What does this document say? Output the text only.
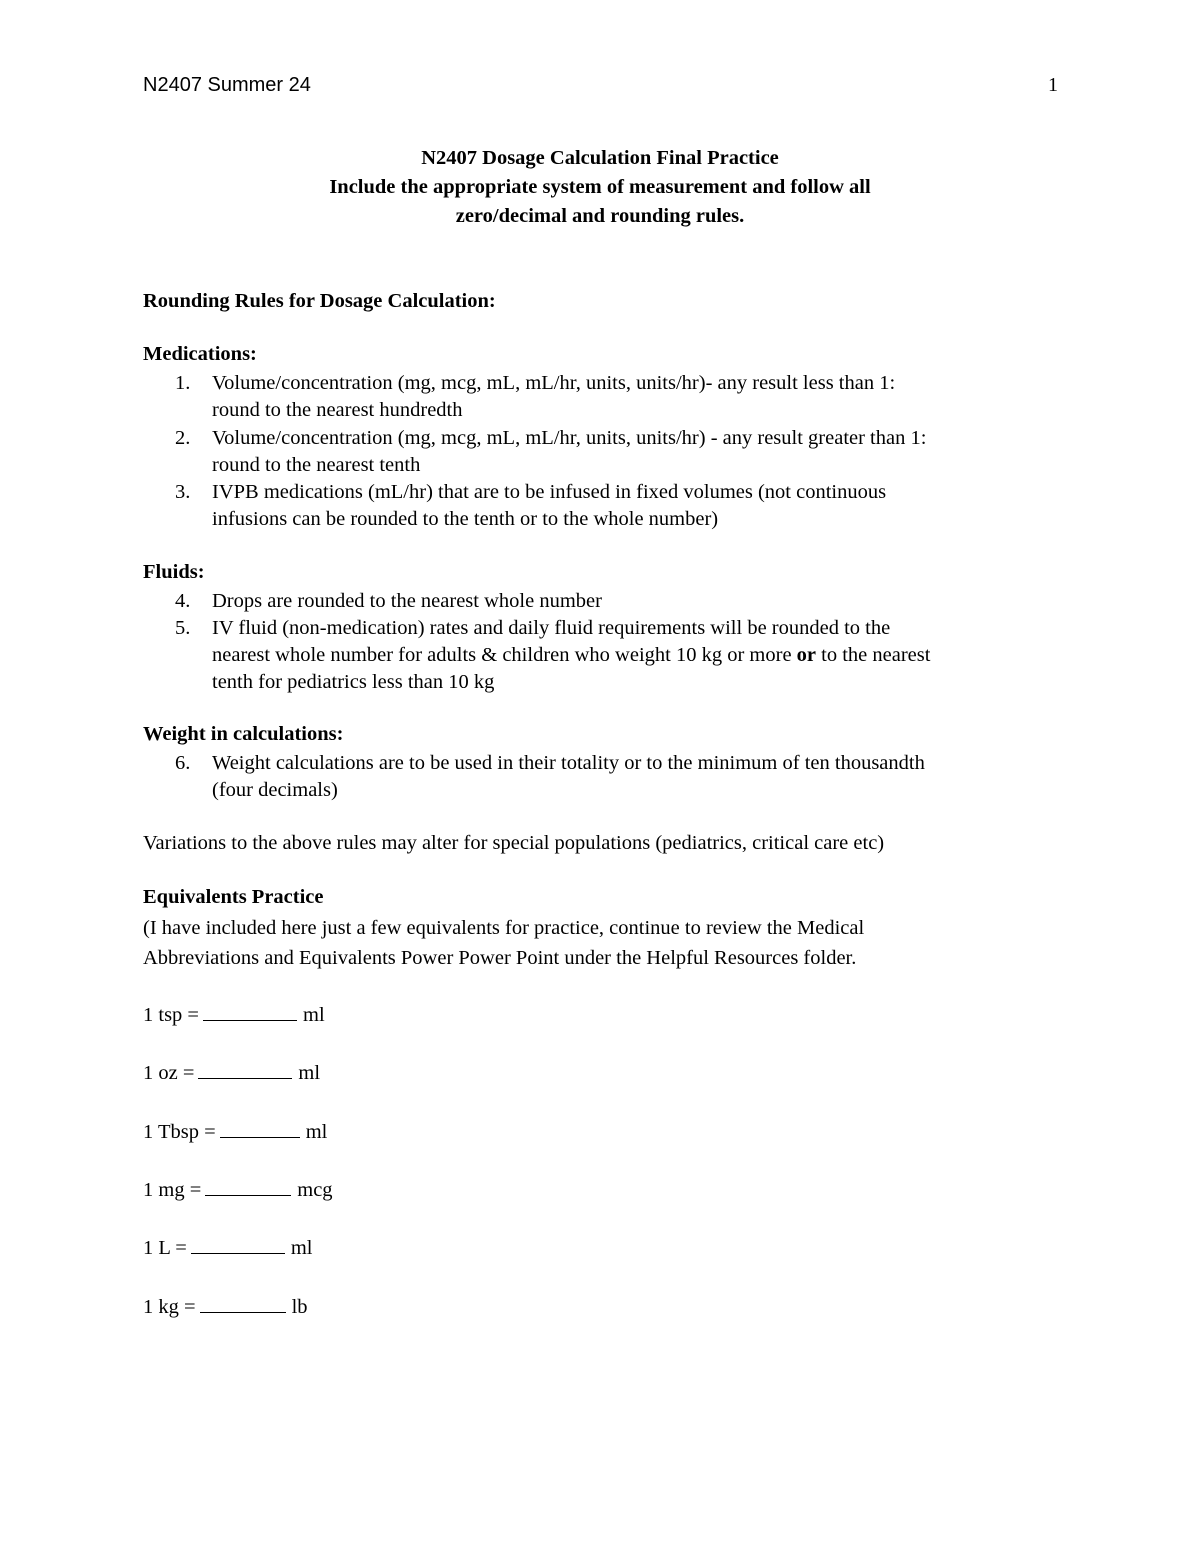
N2407 Summer 24	1
N2407 Dosage Calculation Final Practice
Include the appropriate system of measurement and follow all
zero/decimal and rounding rules.
Rounding Rules for Dosage Calculation:
Medications:
1. Volume/concentration (mg, mcg, mL, mL/hr, units, units/hr)- any result less than 1:
round to the nearest hundredth
2. Volume/concentration (mg, mcg, mL, mL/hr, units, units/hr) - any result greater than 1:
round to the nearest tenth
3. IVPB medications (mL/hr) that are to be infused in fixed volumes (not continuous
infusions can be rounded to the tenth or to the whole number)
Fluids:
4. Drops are rounded to the nearest whole number
5. IV fluid (non-medication) rates and daily fluid requirements will be rounded to the
nearest whole number for adults & children who weight 10 kg or more or to the nearest
tenth for pediatrics less than 10 kg
Weight in calculations:
6. Weight calculations are to be used in their totality or to the minimum of ten thousandth
(four decimals)
Variations to the above rules may alter for special populations (pediatrics, critical care etc)
Equivalents Practice
(I have included here just a few equivalents for practice, continue to review the Medical
Abbreviations and Equivalents Power Power Point under the Helpful Resources folder.
1 tsp =	ml
1 oz =	ml
1 Tbsp =	ml
1 mg =	mcg
1 L =	ml
1 kg =	lb
